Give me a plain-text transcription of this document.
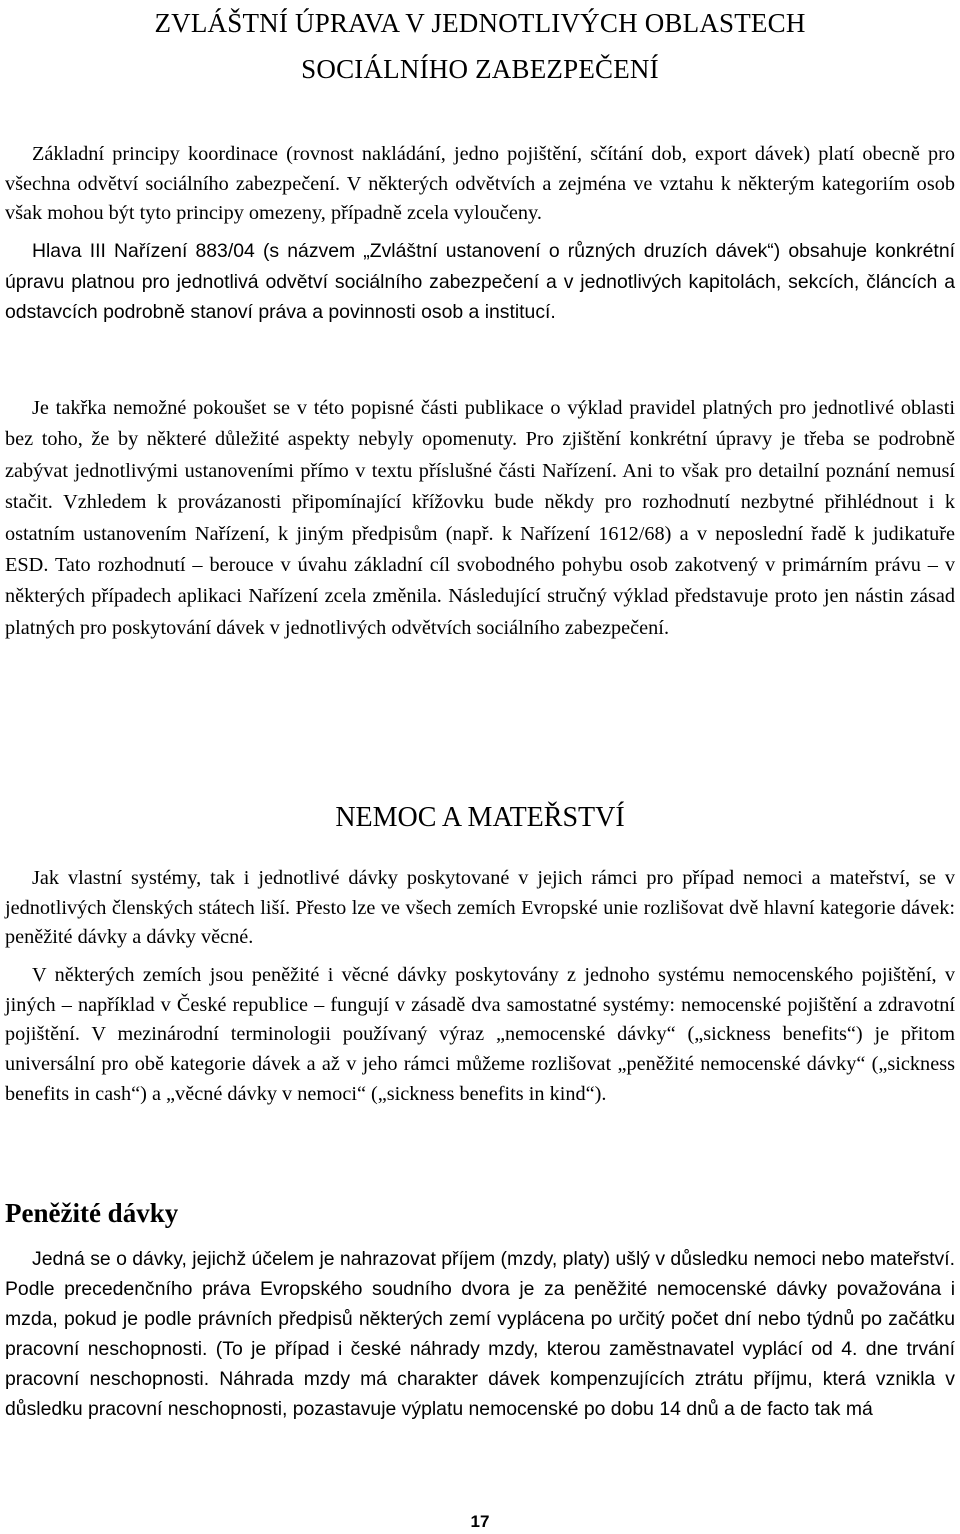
ZVLÁŠTNÍ ÚPRAVA V JEDNOTLIVÝCH OBLASTECH
SOCIÁLNÍHO ZABEZPEČENÍ

Základní principy koordinace (rovnost nakládání, jedno pojištění, sčítání dob, export dávek) platí obecně pro všechna odvětví sociálního zabezpečení. V některých odvětvích a zejména ve vztahu k některým kategoriím osob však mohou být tyto principy omezeny, případně zcela vyloučeny.

Hlava III Nařízení 883/04 (s názvem „Zvláštní ustanovení o různých druzích dávek“) obsahuje konkrétní úpravu platnou pro jednotlivá odvětví sociálního zabezpečení a v jednotlivých kapitolách, sekcích, článcích a odstavcích podrobně stanoví práva a povinnosti osob a institucí.

Je takřka nemožné pokoušet se v této popisné části publikace o výklad pravidel platných pro jednotlivé oblasti bez toho, že by některé důležité aspekty nebyly opomenuty. Pro zjištění konkrétní úpravy je třeba se podrobně zabývat jednotlivými ustanoveními přímo v textu příslušné části Nařízení. Ani to však pro detailní poznání nemusí stačit. Vzhledem k provázanosti připomínající křížovku bude někdy pro rozhodnutí nezbytné přihlédnout i k ostatním ustanovením Nařízení, k jiným předpisům (např. k Nařízení 1612/68) a v neposlední řadě k judikatuře ESD. Tato rozhodnutí – berouce v úvahu základní cíl svobodného pohybu osob zakotvený v primárním právu – v některých případech aplikaci Nařízení zcela změnila. Následující stručný výklad představuje proto jen nástin zásad platných pro poskytování dávek v jednotlivých odvětvích sociálního zabezpečení.

NEMOC A MATEŘSTVÍ

Jak vlastní systémy, tak i jednotlivé dávky poskytované v jejich rámci pro případ nemoci a mateřství, se v jednotlivých členských státech liší. Přesto lze ve všech zemích Evropské unie rozlišovat dvě hlavní kategorie dávek: peněžité dávky a dávky věcné.

V některých zemích jsou peněžité i věcné dávky poskytovány z jednoho systému nemocenského pojištění, v jiných – například v České republice – fungují v zásadě dva samostatné systémy: nemocenské pojištění a zdravotní pojištění. V mezinárodní terminologii používaný výraz „nemocenské dávky“ („sickness benefits“) je přitom universální pro obě kategorie dávek a až v jeho rámci můžeme rozlišovat „peněžité nemocenské dávky“ („sickness benefits in cash“) a „věcné dávky v nemoci“ („sickness benefits in kind“).

Peněžité dávky

Jedná se o dávky, jejichž účelem je nahrazovat příjem (mzdy, platy) ušlý v důsledku nemoci nebo mateřství. Podle precedenčního práva Evropského soudního dvora je za peněžité nemocenské dávky považována i mzda, pokud je podle právních předpisů některých zemí vyplácena po určitý počet dní nebo týdnů po začátku pracovní neschopnosti. (To je případ i české náhrady mzdy, kterou zaměstnavatel vyplácí od 4. dne trvání pracovní neschopnosti. Náhrada mzdy má charakter dávek kompenzujících ztrátu příjmu, která vznikla v důsledku pracovní neschopnosti, pozastavuje výplatu nemocenské po dobu 14 dnů a de facto tak má

17
